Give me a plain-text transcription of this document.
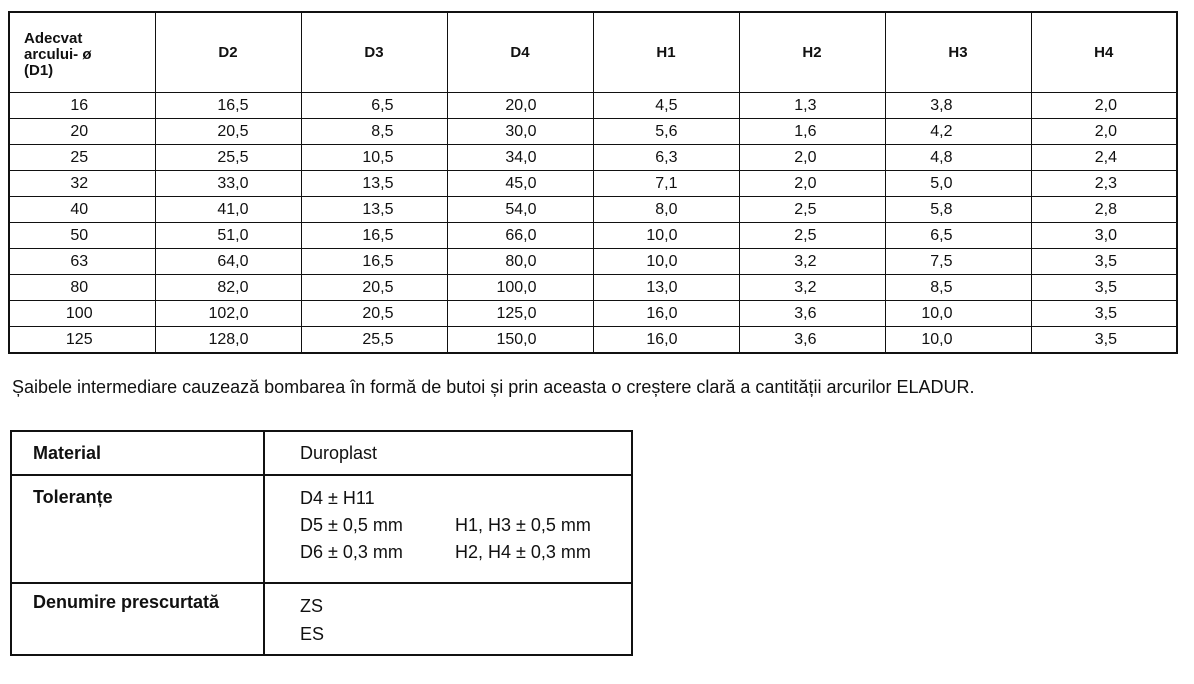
Adecvat
arcului- ø
(D1)	D2	D3	D4	H1	H2	H3	H4
16	16,5	6,5	20,0	4,5	1,3	3,8	2,0
20	20,5	8,5	30,0	5,6	1,6	4,2	2,0
25	25,5	10,5	34,0	6,3	2,0	4,8	2,4
32	33,0	13,5	45,0	7,1	2,0	5,0	2,3
40	41,0	13,5	54,0	8,0	2,5	5,8	2,8
50	51,0	16,5	66,0	10,0	2,5	6,5	3,0
63	64,0	16,5	80,0	10,0	3,2	7,5	3,5
80	82,0	20,5	100,0	13,0	3,2	8,5	3,5
100	102,0	20,5	125,0	16,0	3,6	10,0	3,5
125	128,0	25,5	150,0	16,0	3,6	10,0	3,5
Șaibele intermediare cauzează bombarea în formă de butoi și prin aceasta o creștere clară a cantității arcurilor ELADUR.
Material	Duroplast
Toleranțe	D4 ± H11
D5 ± 0,5 mm H1, H3 ± 0,5 mm
D6 ± 0,3 mm H2, H4 ± 0,3 mm

Denumire prescurtată	ZS
ES
